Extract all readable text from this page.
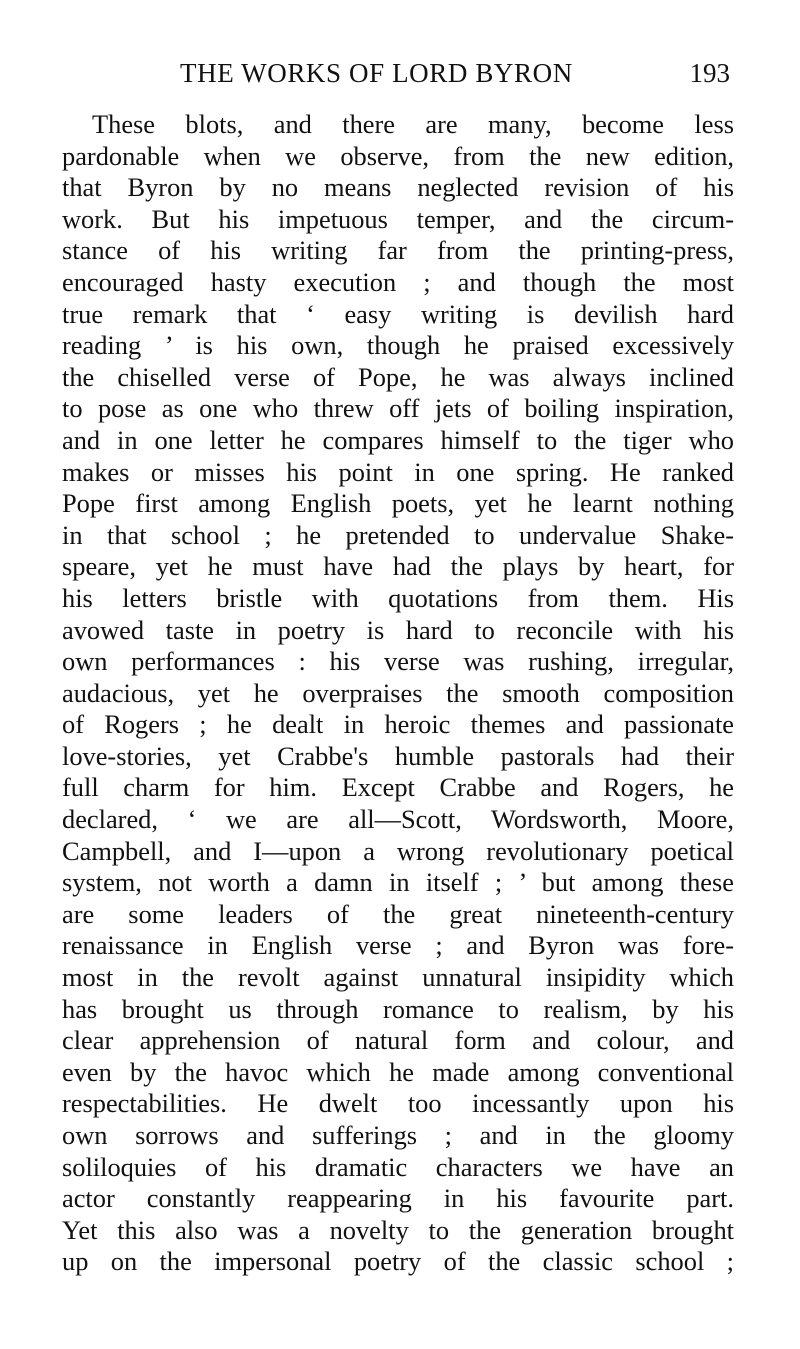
THE WORKS OF LORD BYRON	193
These blots, and there are many, become less
pardonable when we observe, from the new edition,
that Byron by no means neglected revision of his
work. But his impetuous temper, and the circum-
stance of his writing far from the printing-press,
encouraged hasty execution ; and though the most
true remark that ‘ easy writing is devilish hard
reading ’ is his own, though he praised excessively
the chiselled verse of Pope, he was always inclined
to pose as one who threw off jets of boiling inspiration,
and in one letter he compares himself to the tiger who
makes or misses his point in one spring. He ranked
Pope first among English poets, yet he learnt nothing
in that school ; he pretended to undervalue Shake-
speare, yet he must have had the plays by heart, for
his letters bristle with quotations from them. His
avowed taste in poetry is hard to reconcile with his
own performances : his verse was rushing, irregular,
audacious, yet he overpraises the smooth composition
of Rogers ; he dealt in heroic themes and passionate
love-stories, yet Crabbe's humble pastorals had their
full charm for him. Except Crabbe and Rogers, he
declared, ‘ we are all—Scott, Wordsworth, Moore,
Campbell, and I—upon a wrong revolutionary poetical
system, not worth a damn in itself ; ’ but among these
are some leaders of the great nineteenth-century
renaissance in English verse ; and Byron was fore-
most in the revolt against unnatural insipidity which
has brought us through romance to realism, by his
clear apprehension of natural form and colour, and
even by the havoc which he made among conventional
respectabilities. He dwelt too incessantly upon his
own sorrows and sufferings ; and in the gloomy
soliloquies of his dramatic characters we have an
actor constantly reappearing in his favourite part.
Yet this also was a novelty to the generation brought
up on the impersonal poetry of the classic school ;
